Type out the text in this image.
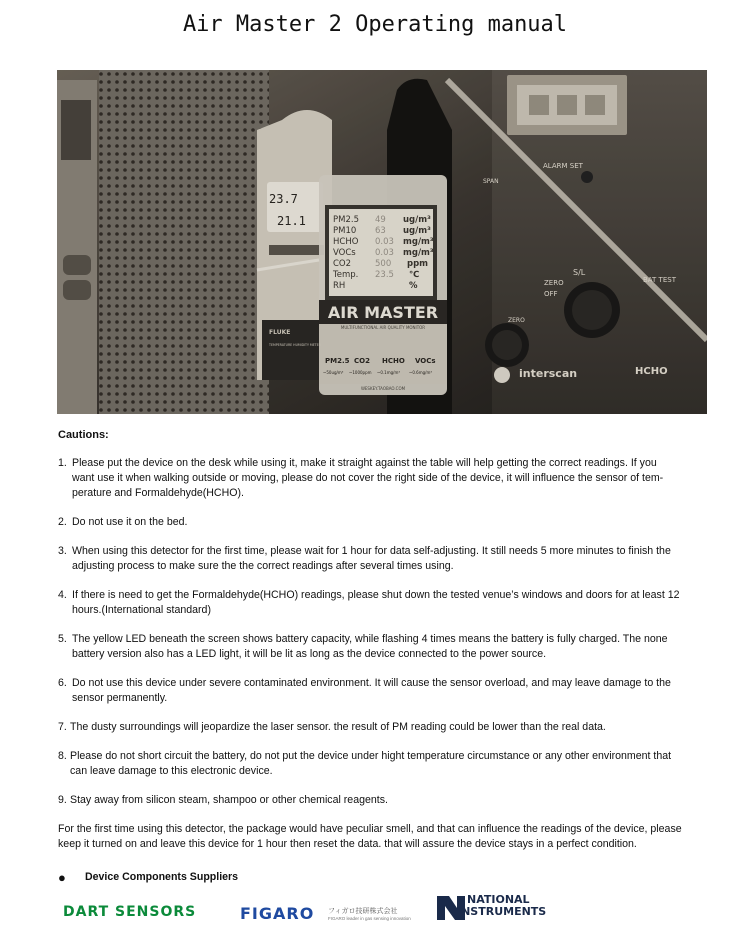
Air Master 2 Operating manual
PM2.5
PM10
HCHO
VOCs
CO2
Temp.
RH
49
63
0.03
0.03
500
23.5
ug/m³
ug/m³
mg/m³
mg/m³
ppm
℃
%
AIR MASTER
MULTIFUNCTIONAL AIR QUALITY MONITOR
PM2.5 CO2 HCHO VOCs
~50ug/m³ ~1000ppm ~0.1mg/m³ ~0.6mg/m³
WESKEY.TAOBAO.COM
23.7
21.1
FLUKE
TEMPERATURE HUMIDITY METER
ALARM SET
SPAN
ZERO
OFF
S/L
BAT TEST
ZERO
interscan	HCHO
Cautions:
1. Please put the device on the desk while using it, make it straight against the table will help getting the correct readings. If you
want use it when walking outside or moving, please do not cover the right side of the device, it will influence the sensor of tem-
perature and Formaldehyde(HCHO).
2. Do not use it on the bed.
3. When using this detector for the first time, please wait for 1 hour for data self-adjusting. It still needs 5 more minutes to finish the
adjusting process to make sure the the correct readings after several times using.
4. If there is need to get the Formaldehyde(HCHO) readings, please shut down the tested venue’s windows and doors for at least 12
hours.(International standard)
5. The yellow LED beneath the screen shows battery capacity, while flashing 4 times means the battery is fully charged. The none
battery version also has a LED light, it will be lit as long as the device connected to the power source.
6. Do not use this device under severe contaminated environment. It will cause the sensor overload, and may leave damage to the
sensor permanently.
7. The dusty surroundings will jeopardize the laser sensor. the result of PM reading could be lower than the real data.
8. Please do not short circuit the battery, do not put the device under hight temperature circumstance or any other environment that
can leave damage to this electronic device.
9. Stay away from silicon steam, shampoo or other chemical reagents.
For the first time using this detector, the package would have peculiar smell, and that can influence the readings of the device, please
keep it turned on and leave this device for 1 hour then reset the data. that will assure the device stays in a perfect condition.
● Device Components Suppliers
DART SENSORS	FIGARO フィガロ技研株式会社
FIGARO leader in gas sensing innovation
NATIONAL
INSTRUMENTS
